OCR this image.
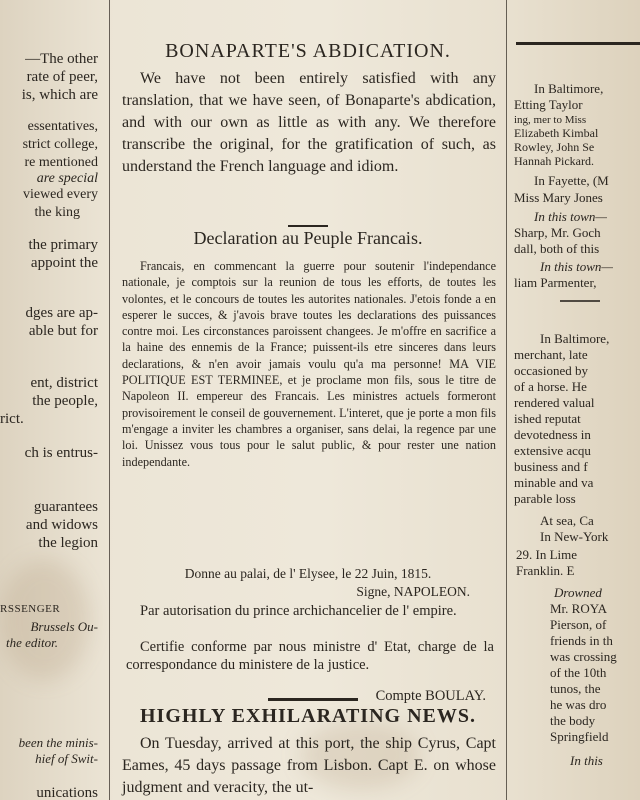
—The other
rate of peer,
is, which are
essentatives,
strict college,
re mentioned
are special
viewed every
the king
the primary
appoint the
dges are ap-
able but for
ent, district
the people,
rict.
ch is entrus-
guarantees
and widows
the legion
RSSENGER
Brussels Ou-
the editor.
been the minis-
hief of Swit-
unications
BONAPARTE'S ABDICATION.

We have not been entirely satisfied with any translation, that we have seen, of Bonaparte's abdication, and with our own as little as with any. We therefore transcribe the original, for the gratification of such, as understand the French language and idiom.

Declaration au Peuple Francais.

Francais, en commencant la guerre pour soutenir l'independance nationale, je comptois sur la reunion de tous les efforts, de toutes les volontes, et le concours de toutes les autorites nationales. J'etois fonde a en esperer le succes, & j'avois brave toutes les declarations des puissances contre moi. Les circonstances paroissent changees. Je m'offre en sacrifice a la haine des ennemis de la France; puissent-ils etre sinceres dans leurs declarations, & n'en avoir jamais voulu qu'a ma personne! MA VIE POLITIQUE EST TERMINEE, et je proclame mon fils, sous le titre de Napoleon II. empereur des Francais. Les ministres actuels formeront provisoirement le conseil de gouvernement. L'interet, que je porte a mon fils m'engage a inviter les chambres a organiser, sans delai, la regence par une loi. Unissez vous tous pour le salut public, & pour rester une nation independante.

Donne au palai, de l' Elysee, le 22 Juin, 1815.
Signe, NAPOLEON.

Par autorisation du prince archichancelier de l' empire.

Certifie conforme par nous ministre d' Etat, charge de la correspondance du ministere de la justice.

Compte BOULAY.
HIGHLY EXHILARATING NEWS.

On Tuesday, arrived at this port, the ship Cyrus, Capt Eames, 45 days passage from Lisbon. Capt E. on whose judgment and veracity, the ut-

In Baltimore,
Etting Taylor
ing, mer to Miss
Elizabeth Kimbal
Rowley, John Se
Hannah Pickard.
In Fayette, (M
Miss Mary Jones
In this town—
Sharp, Mr. Goch
dall, both of this
In this town—
liam Parmenter,
In Baltimore,
merchant, late
occasioned by
of a horse. He
rendered valual
ished reputat
devotedness in
extensive acqu
business and f
minable and va
parable loss
At sea, Ca
In New-York
29. In Lime
Franklin. E
Drowned
Mr. ROYA
Pierson, of
friends in th
was crossing
of the 10th
tunos, the
he was dro
the body
Springfield
In this
